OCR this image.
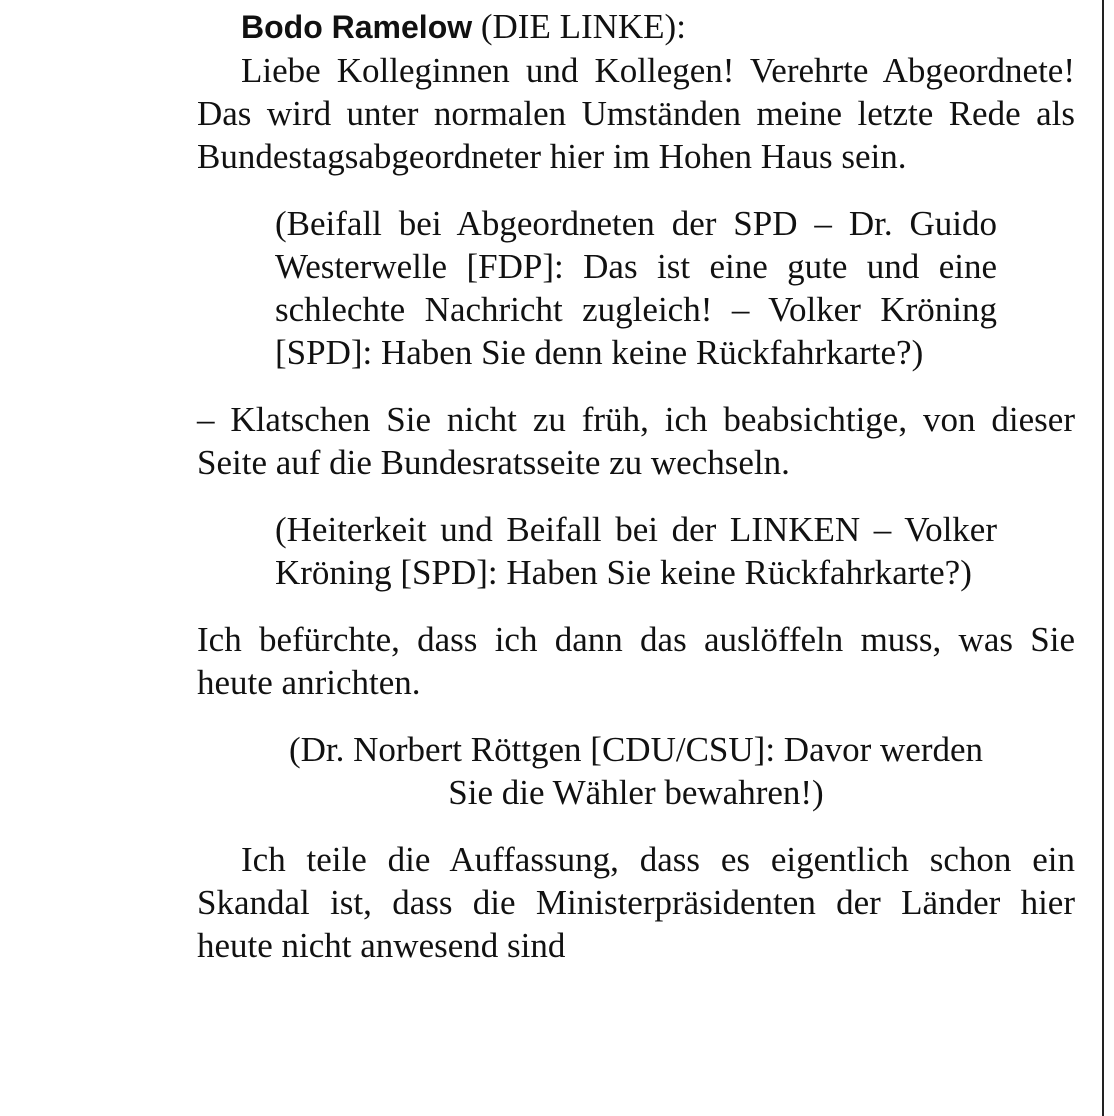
Bodo Ramelow (DIE LINKE):

Liebe Kolleginnen und Kollegen! Verehrte Abgeordnete! Das wird unter normalen Umständen meine letzte Rede als Bundestagsabgeordneter hier im Hohen Haus sein.

(Beifall bei Abgeordneten der SPD – Dr. Guido Westerwelle [FDP]: Das ist eine gute und eine schlechte Nachricht zugleich! – Volker Kröning [SPD]: Haben Sie denn keine Rückfahrkarte?)

– Klatschen Sie nicht zu früh, ich beabsichtige, von dieser Seite auf die Bundesratsseite zu wechseln.

(Heiterkeit und Beifall bei der LINKEN – Volker Kröning [SPD]: Haben Sie keine Rückfahrkarte?)

Ich befürchte, dass ich dann das auslöffeln muss, was Sie heute anrichten.

(Dr. Norbert Röttgen [CDU/CSU]: Davor werden Sie die Wähler bewahren!)

Ich teile die Auffassung, dass es eigentlich schon ein Skandal ist, dass die Ministerpräsidenten der Länder hier heute nicht anwesend sind
